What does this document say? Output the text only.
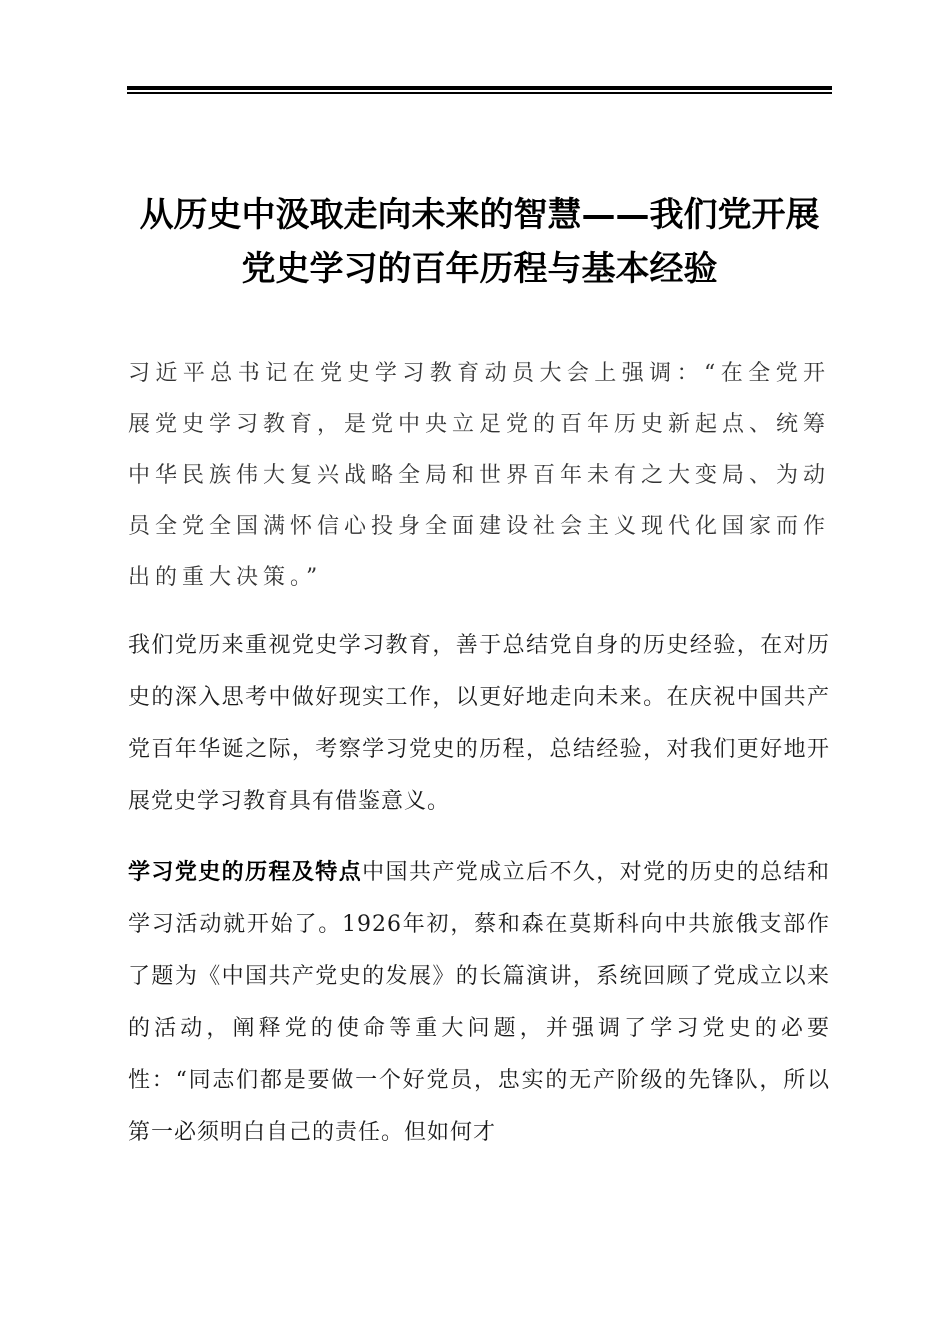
从历史中汲取走向未来的智慧——我们党开展党史学习的百年历程与基本经验

习近平总书记在党史学习教育动员大会上强调：“在全党开展党史学习教育，是党中央立足党的百年历史新起点、统筹中华民族伟大复兴战略全局和世界百年未有之大变局、为动员全党全国满怀信心投身全面建设社会主义现代化国家而作出的重大决策。”

我们党历来重视党史学习教育，善于总结党自身的历史经验，在对历史的深入思考中做好现实工作，以更好地走向未来。在庆祝中国共产党百年华诞之际，考察学习党史的历程，总结经验，对我们更好地开展党史学习教育具有借鉴意义。

学习党史的历程及特点中国共产党成立后不久，对党的历史的总结和学习活动就开始了。1926年初，蔡和森在莫斯科向中共旅俄支部作了题为《中国共产党史的发展》的长篇演讲，系统回顾了党成立以来的活动，阐释党的使命等重大问题，并强调了学习党史的必要性：“同志们都是要做一个好党员，忠实的无产阶级的先锋队，所以第一必须明白自己的责任。但如何才
